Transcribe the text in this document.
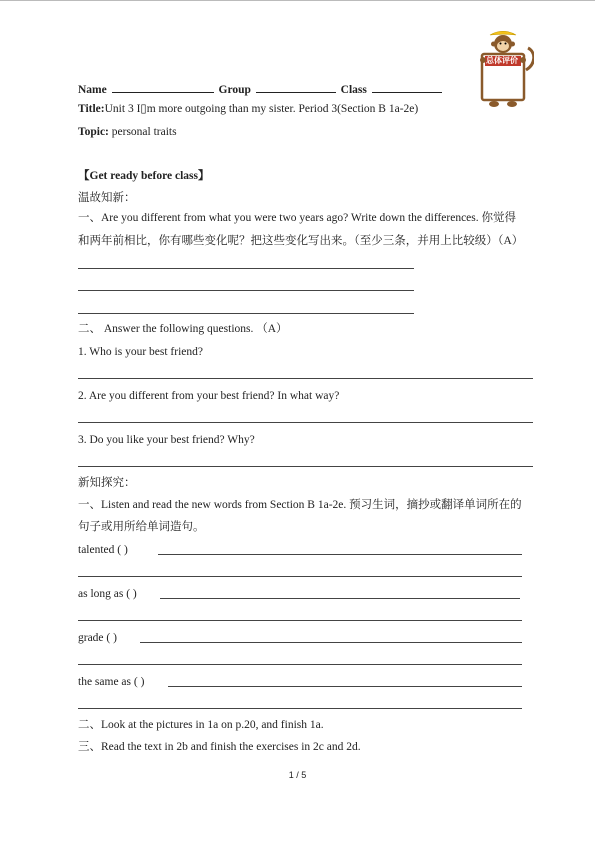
总体评价
Name	Group	Class
Title:Unit 3 I▯m more outgoing than my sister. Period 3(Section B 1a-2e)
Topic: personal traits
【Get ready before class】
温故知新：
一、Are you different from what you were two years ago? Write down the differences. 你觉得
和两年前相比，你有哪些变化呢？把这些变化写出来。（至少三条，并用上比较级）（A）
二、 Answer the following questions. （A）
1. Who is your best friend?
2. Are you different from your best friend? In what way?
3. Do you like your best friend? Why?
新知探究：
一、Listen and read the new words from Section B 1a-2e. 预习生词，摘抄或翻译单词所在的
句子或用所给单词造句。
talented ( )
as long as ( )
grade ( )
the same as ( )
二、Look at the pictures in 1a on p.20, and finish 1a.
三、Read the text in 2b and finish the exercises in 2c and 2d.
1 / 5
